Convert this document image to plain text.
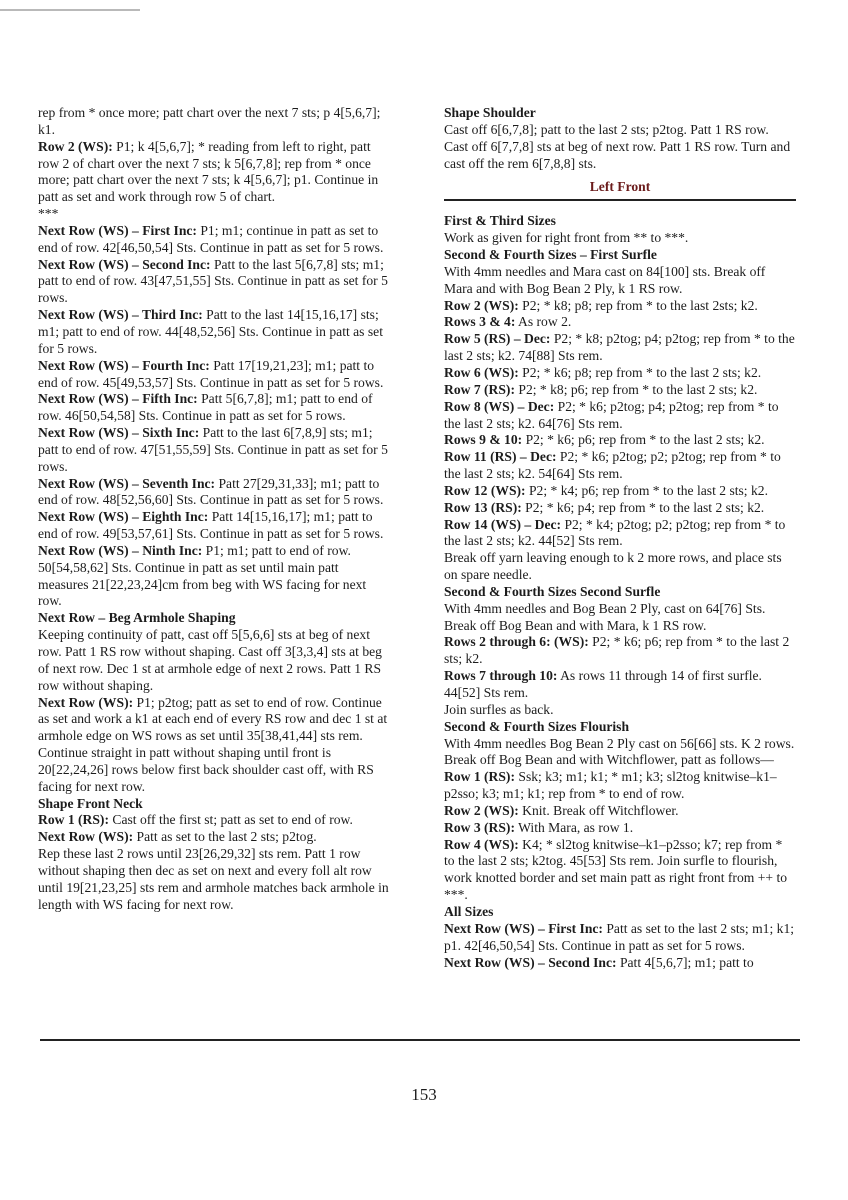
rep from * once more; patt chart over the next 7 sts; p 4[5,6,7]; k1.

Row 2 (WS): P1; k 4[5,6,7]; * reading from left to right, patt row 2 of chart over the next 7 sts; k 5[6,7,8]; rep from * once more; patt chart over the next 7 sts; k 4[5,6,7]; p1. Continue in patt as set and work through row 5 of chart.

***

Next Row (WS) – First Inc: P1; m1; continue in patt as set to end of row. 42[46,50,54] Sts. Continue in patt as set for 5 rows.

Next Row (WS) – Second Inc: Patt to the last 5[6,7,8] sts; m1; patt to end of row. 43[47,51,55] Sts. Continue in patt as set for 5 rows.

Next Row (WS) – Third Inc: Patt to the last 14[15,16,17] sts; m1; patt to end of row. 44[48,52,56] Sts. Continue in patt as set for 5 rows.

Next Row (WS) – Fourth Inc: Patt 17[19,21,23]; m1; patt to end of row. 45[49,53,57] Sts. Continue in patt as set for 5 rows.

Next Row (WS) – Fifth Inc: Patt 5[6,7,8]; m1; patt to end of row. 46[50,54,58] Sts. Continue in patt as set for 5 rows.

Next Row (WS) – Sixth Inc: Patt to the last 6[7,8,9] sts; m1; patt to end of row. 47[51,55,59] Sts. Continue in patt as set for 5 rows.

Next Row (WS) – Seventh Inc: Patt 27[29,31,33]; m1; patt to end of row. 48[52,56,60] Sts. Continue in patt as set for 5 rows.

Next Row (WS) – Eighth Inc: Patt 14[15,16,17]; m1; patt to end of row. 49[53,57,61] Sts. Continue in patt as set for 5 rows.

Next Row (WS) – Ninth Inc: P1; m1; patt to end of row. 50[54,58,62] Sts. Continue in patt as set until main patt measures 21[22,23,24]cm from beg with WS facing for next row.

Next Row – Beg Armhole Shaping

Keeping continuity of patt, cast off 5[5,6,6] sts at beg of next row. Patt 1 RS row without shaping. Cast off 3[3,3,4] sts at beg of next row. Dec 1 st at armhole edge of next 2 rows. Patt 1 RS row without shaping.

Next Row (WS): P1; p2tog; patt as set to end of row. Continue as set and work a k1 at each end of every RS row and dec 1 st at armhole edge on WS rows as set until 35[38,41,44] sts rem. Continue straight in patt without shaping until front is 20[22,24,26] rows below first back shoulder cast off, with RS facing for next row.

Shape Front Neck

Row 1 (RS): Cast off the first st; patt as set to end of row.

Next Row (WS): Patt as set to the last 2 sts; p2tog.

Rep these last 2 rows until 23[26,29,32] sts rem. Patt 1 row without shaping then dec as set on next and every foll alt row until 19[21,23,25] sts rem and armhole matches back armhole in length with WS facing for next row.

Shape Shoulder

Cast off 6[6,7,8]; patt to the last 2 sts; p2tog. Patt 1 RS row. Cast off 6[7,7,8] sts at beg of next row. Patt 1 RS row. Turn and cast off the rem 6[7,8,8] sts.

Left Front

First & Third Sizes

Work as given for right front from ** to ***.

Second & Fourth Sizes – First Surfle

With 4mm needles and Mara cast on 84[100] sts. Break off Mara and with Bog Bean 2 Ply, k 1 RS row.

Row 2 (WS): P2; * k8; p8; rep from * to the last 2sts; k2.

Rows 3 & 4: As row 2.

Row 5 (RS) – Dec: P2; * k8; p2tog; p4; p2tog; rep from * to the last 2 sts; k2. 74[88] Sts rem.

Row 6 (WS): P2; * k6; p8; rep from * to the last 2 sts; k2.

Row 7 (RS): P2; * k8; p6; rep from * to the last 2 sts; k2.

Row 8 (WS) – Dec: P2; * k6; p2tog; p4; p2tog; rep from * to the last 2 sts; k2. 64[76] Sts rem.

Rows 9 & 10: P2; * k6; p6; rep from * to the last 2 sts; k2.

Row 11 (RS) – Dec: P2; * k6; p2tog; p2; p2tog; rep from * to the last 2 sts; k2. 54[64] Sts rem.

Row 12 (WS): P2; * k4; p6; rep from * to the last 2 sts; k2.

Row 13 (RS): P2; * k6; p4; rep from * to the last 2 sts; k2.

Row 14 (WS) – Dec: P2; * k4; p2tog; p2; p2tog; rep from * to the last 2 sts; k2. 44[52] Sts rem.

Break off yarn leaving enough to k 2 more rows, and place sts on spare needle.

Second & Fourth Sizes Second Surfle

With 4mm needles and Bog Bean 2 Ply, cast on 64[76] Sts. Break off Bog Bean and with Mara, k 1 RS row.

Rows 2 through 6: (WS): P2; * k6; p6; rep from * to the last 2 sts; k2.

Rows 7 through 10: As rows 11 through 14 of first surfle. 44[52] Sts rem.

Join surfles as back.

Second & Fourth Sizes Flourish

With 4mm needles Bog Bean 2 Ply cast on 56[66] sts. K 2 rows. Break off Bog Bean and with Witchflower, patt as follows—

Row 1 (RS): Ssk; k3; m1; k1; * m1; k3; sl2tog knitwise–k1–p2sso; k3; m1; k1; rep from * to end of row.

Row 2 (WS): Knit. Break off Witchflower.

Row 3 (RS): With Mara, as row 1.

Row 4 (WS): K4; * sl2tog knitwise–k1–p2sso; k7; rep from * to the last 2 sts; k2tog. 45[53] Sts rem. Join surfle to flourish, work knotted border and set main patt as right front from ++ to ***.

All Sizes

Next Row (WS) – First Inc: Patt as set to the last 2 sts; m1; k1; p1. 42[46,50,54] Sts. Continue in patt as set for 5 rows.

Next Row (WS) – Second Inc: Patt 4[5,6,7]; m1; patt to

153
